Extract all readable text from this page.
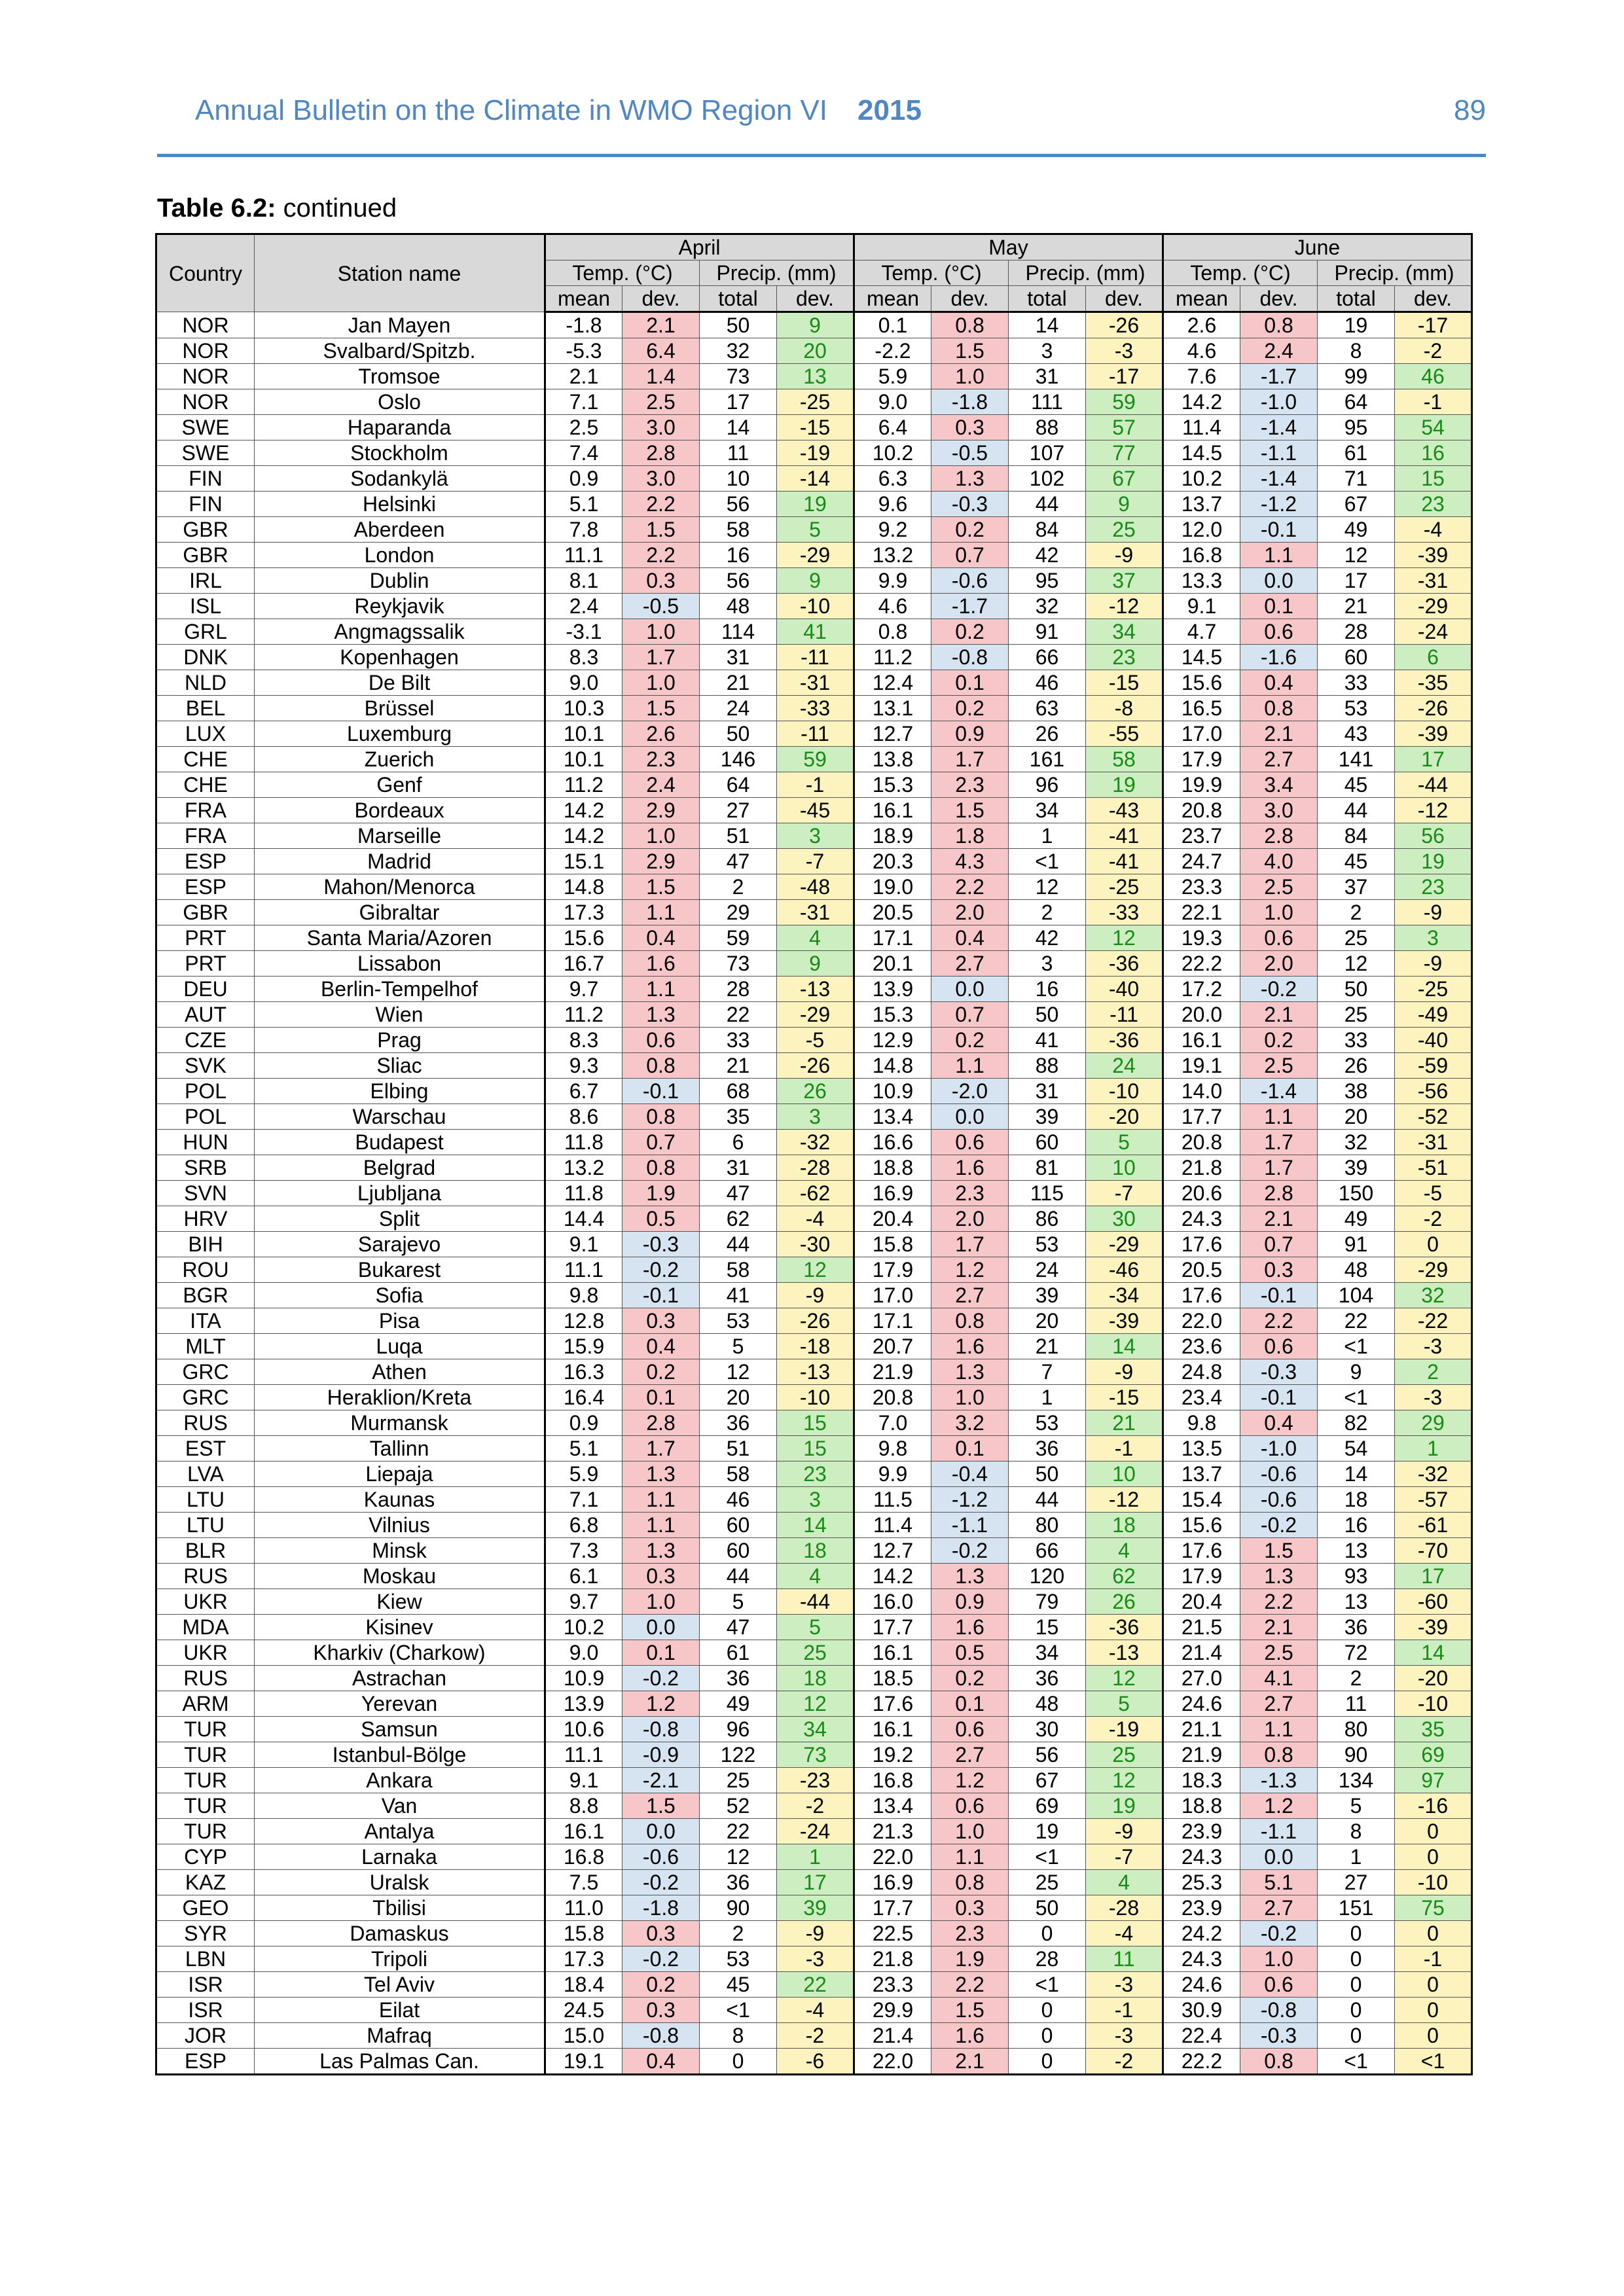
Annual Bulletin on the Climate in WMO Region VI 2015	89
Table 6.2: continued
Country	Station name	April				May				June			
		Temp. (°C)		Precip. (mm)		Temp. (°C)		Precip. (mm)		Temp. (°C)		Precip. (mm)	
		mean	dev.	total	dev.	mean	dev.	total	dev.	mean	dev.	total	dev.
NOR	Jan Mayen	-1.8	2.1	50	9	0.1	0.8	14	-26	2.6	0.8	19	-17
NOR	Svalbard/Spitzb.	-5.3	6.4	32	20	-2.2	1.5	3	-3	4.6	2.4	8	-2
NOR	Tromsoe	2.1	1.4	73	13	5.9	1.0	31	-17	7.6	-1.7	99	46
NOR	Oslo	7.1	2.5	17	-25	9.0	-1.8	111	59	14.2	-1.0	64	-1
SWE	Haparanda	2.5	3.0	14	-15	6.4	0.3	88	57	11.4	-1.4	95	54
SWE	Stockholm	7.4	2.8	11	-19	10.2	-0.5	107	77	14.5	-1.1	61	16
FIN	Sodankylä	0.9	3.0	10	-14	6.3	1.3	102	67	10.2	-1.4	71	15
FIN	Helsinki	5.1	2.2	56	19	9.6	-0.3	44	9	13.7	-1.2	67	23
GBR	Aberdeen	7.8	1.5	58	5	9.2	0.2	84	25	12.0	-0.1	49	-4
GBR	London	11.1	2.2	16	-29	13.2	0.7	42	-9	16.8	1.1	12	-39
IRL	Dublin	8.1	0.3	56	9	9.9	-0.6	95	37	13.3	0.0	17	-31
ISL	Reykjavik	2.4	-0.5	48	-10	4.6	-1.7	32	-12	9.1	0.1	21	-29
GRL	Angmagssalik	-3.1	1.0	114	41	0.8	0.2	91	34	4.7	0.6	28	-24
DNK	Kopenhagen	8.3	1.7	31	-11	11.2	-0.8	66	23	14.5	-1.6	60	6
NLD	De Bilt	9.0	1.0	21	-31	12.4	0.1	46	-15	15.6	0.4	33	-35
BEL	Brüssel	10.3	1.5	24	-33	13.1	0.2	63	-8	16.5	0.8	53	-26
LUX	Luxemburg	10.1	2.6	50	-11	12.7	0.9	26	-55	17.0	2.1	43	-39
CHE	Zuerich	10.1	2.3	146	59	13.8	1.7	161	58	17.9	2.7	141	17
CHE	Genf	11.2	2.4	64	-1	15.3	2.3	96	19	19.9	3.4	45	-44
FRA	Bordeaux	14.2	2.9	27	-45	16.1	1.5	34	-43	20.8	3.0	44	-12
FRA	Marseille	14.2	1.0	51	3	18.9	1.8	1	-41	23.7	2.8	84	56
ESP	Madrid	15.1	2.9	47	-7	20.3	4.3	<1	-41	24.7	4.0	45	19
ESP	Mahon/Menorca	14.8	1.5	2	-48	19.0	2.2	12	-25	23.3	2.5	37	23
GBR	Gibraltar	17.3	1.1	29	-31	20.5	2.0	2	-33	22.1	1.0	2	-9
PRT	Santa Maria/Azoren	15.6	0.4	59	4	17.1	0.4	42	12	19.3	0.6	25	3
PRT	Lissabon	16.7	1.6	73	9	20.1	2.7	3	-36	22.2	2.0	12	-9
DEU	Berlin-Tempelhof	9.7	1.1	28	-13	13.9	0.0	16	-40	17.2	-0.2	50	-25
AUT	Wien	11.2	1.3	22	-29	15.3	0.7	50	-11	20.0	2.1	25	-49
CZE	Prag	8.3	0.6	33	-5	12.9	0.2	41	-36	16.1	0.2	33	-40
SVK	Sliac	9.3	0.8	21	-26	14.8	1.1	88	24	19.1	2.5	26	-59
POL	Elbing	6.7	-0.1	68	26	10.9	-2.0	31	-10	14.0	-1.4	38	-56
POL	Warschau	8.6	0.8	35	3	13.4	0.0	39	-20	17.7	1.1	20	-52
HUN	Budapest	11.8	0.7	6	-32	16.6	0.6	60	5	20.8	1.7	32	-31
SRB	Belgrad	13.2	0.8	31	-28	18.8	1.6	81	10	21.8	1.7	39	-51
SVN	Ljubljana	11.8	1.9	47	-62	16.9	2.3	115	-7	20.6	2.8	150	-5
HRV	Split	14.4	0.5	62	-4	20.4	2.0	86	30	24.3	2.1	49	-2
BIH	Sarajevo	9.1	-0.3	44	-30	15.8	1.7	53	-29	17.6	0.7	91	0
ROU	Bukarest	11.1	-0.2	58	12	17.9	1.2	24	-46	20.5	0.3	48	-29
BGR	Sofia	9.8	-0.1	41	-9	17.0	2.7	39	-34	17.6	-0.1	104	32
ITA	Pisa	12.8	0.3	53	-26	17.1	0.8	20	-39	22.0	2.2	22	-22
MLT	Luqa	15.9	0.4	5	-18	20.7	1.6	21	14	23.6	0.6	<1	-3
GRC	Athen	16.3	0.2	12	-13	21.9	1.3	7	-9	24.8	-0.3	9	2
GRC	Heraklion/Kreta	16.4	0.1	20	-10	20.8	1.0	1	-15	23.4	-0.1	<1	-3
RUS	Murmansk	0.9	2.8	36	15	7.0	3.2	53	21	9.8	0.4	82	29
EST	Tallinn	5.1	1.7	51	15	9.8	0.1	36	-1	13.5	-1.0	54	1
LVA	Liepaja	5.9	1.3	58	23	9.9	-0.4	50	10	13.7	-0.6	14	-32
LTU	Kaunas	7.1	1.1	46	3	11.5	-1.2	44	-12	15.4	-0.6	18	-57
LTU	Vilnius	6.8	1.1	60	14	11.4	-1.1	80	18	15.6	-0.2	16	-61
BLR	Minsk	7.3	1.3	60	18	12.7	-0.2	66	4	17.6	1.5	13	-70
RUS	Moskau	6.1	0.3	44	4	14.2	1.3	120	62	17.9	1.3	93	17
UKR	Kiew	9.7	1.0	5	-44	16.0	0.9	79	26	20.4	2.2	13	-60
MDA	Kisinev	10.2	0.0	47	5	17.7	1.6	15	-36	21.5	2.1	36	-39
UKR	Kharkiv (Charkow)	9.0	0.1	61	25	16.1	0.5	34	-13	21.4	2.5	72	14
RUS	Astrachan	10.9	-0.2	36	18	18.5	0.2	36	12	27.0	4.1	2	-20
ARM	Yerevan	13.9	1.2	49	12	17.6	0.1	48	5	24.6	2.7	11	-10
TUR	Samsun	10.6	-0.8	96	34	16.1	0.6	30	-19	21.1	1.1	80	35
TUR	Istanbul-Bölge	11.1	-0.9	122	73	19.2	2.7	56	25	21.9	0.8	90	69
TUR	Ankara	9.1	-2.1	25	-23	16.8	1.2	67	12	18.3	-1.3	134	97
TUR	Van	8.8	1.5	52	-2	13.4	0.6	69	19	18.8	1.2	5	-16
TUR	Antalya	16.1	0.0	22	-24	21.3	1.0	19	-9	23.9	-1.1	8	0
CYP	Larnaka	16.8	-0.6	12	1	22.0	1.1	<1	-7	24.3	0.0	1	0
KAZ	Uralsk	7.5	-0.2	36	17	16.9	0.8	25	4	25.3	5.1	27	-10
GEO	Tbilisi	11.0	-1.8	90	39	17.7	0.3	50	-28	23.9	2.7	151	75
SYR	Damaskus	15.8	0.3	2	-9	22.5	2.3	0	-4	24.2	-0.2	0	0
LBN	Tripoli	17.3	-0.2	53	-3	21.8	1.9	28	11	24.3	1.0	0	-1
ISR	Tel Aviv	18.4	0.2	45	22	23.3	2.2	<1	-3	24.6	0.6	0	0
ISR	Eilat	24.5	0.3	<1	-4	29.9	1.5	0	-1	30.9	-0.8	0	0
JOR	Mafraq	15.0	-0.8	8	-2	21.4	1.6	0	-3	22.4	-0.3	0	0
ESP	Las Palmas Can.	19.1	0.4	0	-6	22.0	2.1	0	-2	22.2	0.8	<1	<1
